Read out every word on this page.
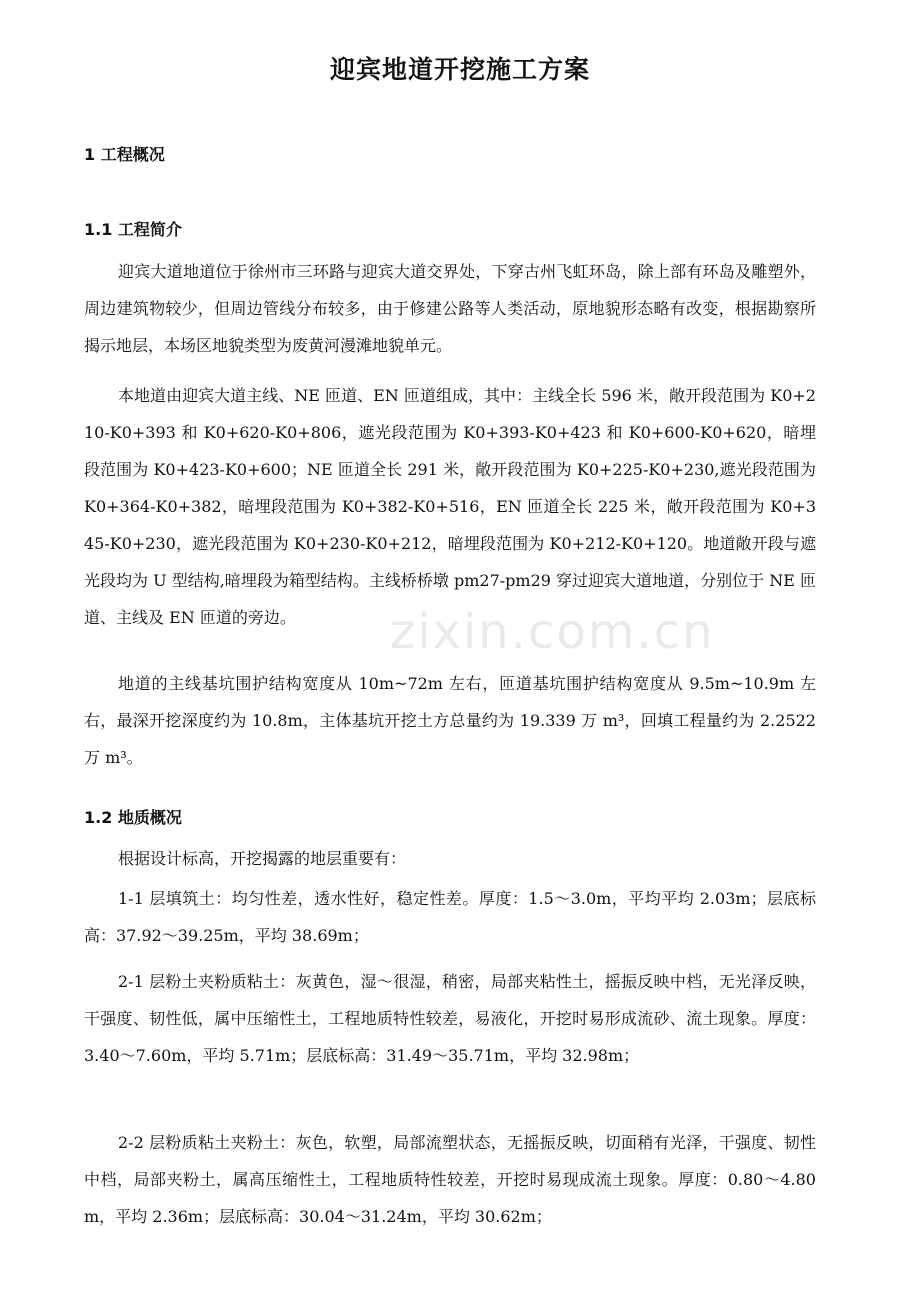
迎宾地道开挖施工方案
1 工程概况
1.1 工程简介

迎宾大道地道位于徐州市三环路与迎宾大道交界处，下穿古州飞虹环岛，除上部有环岛及雕塑外，周边建筑物较少，但周边管线分布较多，由于修建公路等人类活动，原地貌形态略有改变，根据勘察所揭示地层，本场区地貌类型为废黄河漫滩地貌单元。

本地道由迎宾大道主线、NE 匝道、EN 匝道组成，其中：主线全长 596 米，敞开段范围为 K0+210-K0+393 和 K0+620-K0+806，遮光段范围为 K0+393-K0+423 和 K0+600-K0+620，暗埋段范围为 K0+423-K0+600；NE 匝道全长 291 米，敞开段范围为 K0+225-K0+230,遮光段范围为 K0+364-K0+382，暗埋段范围为 K0+382-K0+516，EN 匝道全长 225 米，敞开段范围为 K0+345-K0+230，遮光段范围为 K0+230-K0+212，暗埋段范围为 K0+212-K0+120。地道敞开段与遮光段均为 U 型结构,暗埋段为箱型结构。主线桥桥墩 pm27-pm29 穿过迎宾大道地道，分别位于 NE 匝道、主线及 EN 匝道的旁边。

地道的主线基坑围护结构宽度从 10m~72m 左右，匝道基坑围护结构宽度从 9.5m~10.9m 左右，最深开挖深度约为 10.8m，主体基坑开挖土方总量约为 19.339 万 m³，回填工程量约为 2.2522 万 m³。

1.2 地质概况

根据设计标高，开挖揭露的地层重要有：

1-1 层填筑土：均匀性差，透水性好，稳定性差。厚度：1.5～3.0m，平均平均 2.03m；层底标高：37.92～39.25m，平均 38.69m；

2-1 层粉土夹粉质粘土：灰黄色，湿～很湿，稍密，局部夹粘性土，摇振反映中档，无光泽反映，干强度、韧性低，属中压缩性土，工程地质特性较差，易液化，开挖时易形成流砂、流土现象。厚度：3.40～7.60m，平均 5.71m；层底标高：31.49～35.71m，平均 32.98m；

2-2 层粉质粘土夹粉土：灰色，软塑，局部流塑状态，无摇振反映，切面稍有光泽，干强度、韧性中档，局部夹粉土，属高压缩性土，工程地质特性较差，开挖时易现成流土现象。厚度：0.80～4.80m，平均 2.36m；层底标高：30.04～31.24m，平均 30.62m；

zixin.com.cn
